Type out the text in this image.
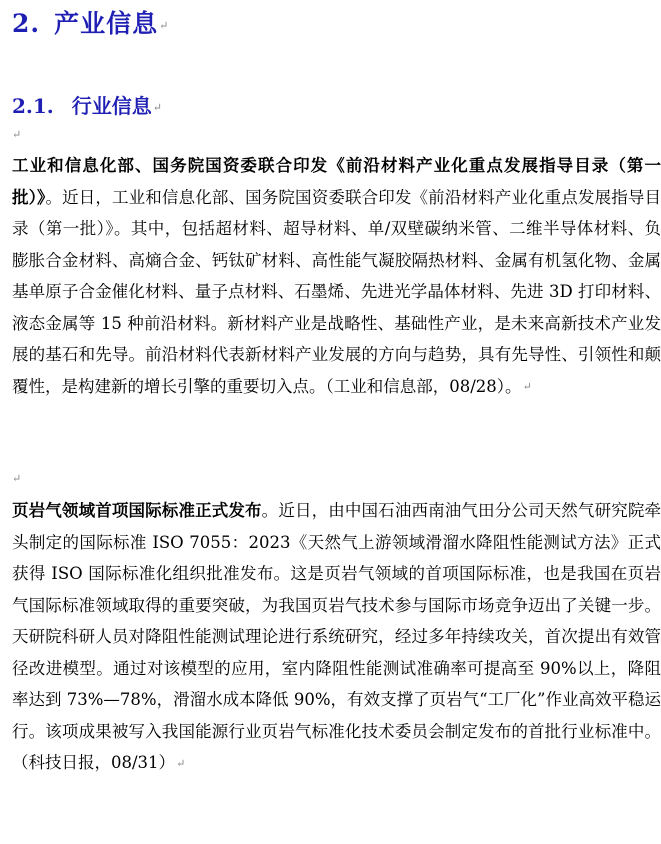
2. 产业信息↵
2.1. 行业信息↵
↵

工业和信息化部、国务院国资委联合印发《前沿材料产业化重点发展指导目录（第一批）》。近日，工业和信息化部、国务院国资委联合印发《前沿材料产业化重点发展指导目录（第一批）》。其中，包括超材料、超导材料、单/双壁碳纳米管、二维半导体材料、负膨胀合金材料、高熵合金、钙钛矿材料、高性能气凝胶隔热材料、金属有机氢化物、金属基单原子合金催化材料、量子点材料、石墨烯、先进光学晶体材料、先进 3D 打印材料、液态金属等 15 种前沿材料。新材料产业是战略性、基础性产业，是未来高新技术产业发展的基石和先导。前沿材料代表新材料产业发展的方向与趋势，具有先导性、引领性和颠覆性，是构建新的增长引擎的重要切入点。（工业和信息部，08/28）。↵

↵

页岩气领域首项国际标准正式发布。近日，由中国石油西南油气田分公司天然气研究院牵头制定的国际标准 ISO 7055：2023《天然气上游领域滑溜水降阻性能测试方法》正式获得 ISO 国际标准化组织批准发布。这是页岩气领域的首项国际标准，也是我国在页岩气国际标准领域取得的重要突破，为我国页岩气技术参与国际市场竞争迈出了关键一步。天研院科研人员对降阻性能测试理论进行系统研究，经过多年持续攻关，首次提出有效管径改进模型。通过对该模型的应用，室内降阻性能测试准确率可提高至 90%以上，降阻率达到 73%—78%，滑溜水成本降低 90%，有效支撑了页岩气“工厂化”作业高效平稳运行。该项成果被写入我国能源行业页岩气标准化技术委员会制定发布的首批行业标准中。（科技日报，08/31）↵
